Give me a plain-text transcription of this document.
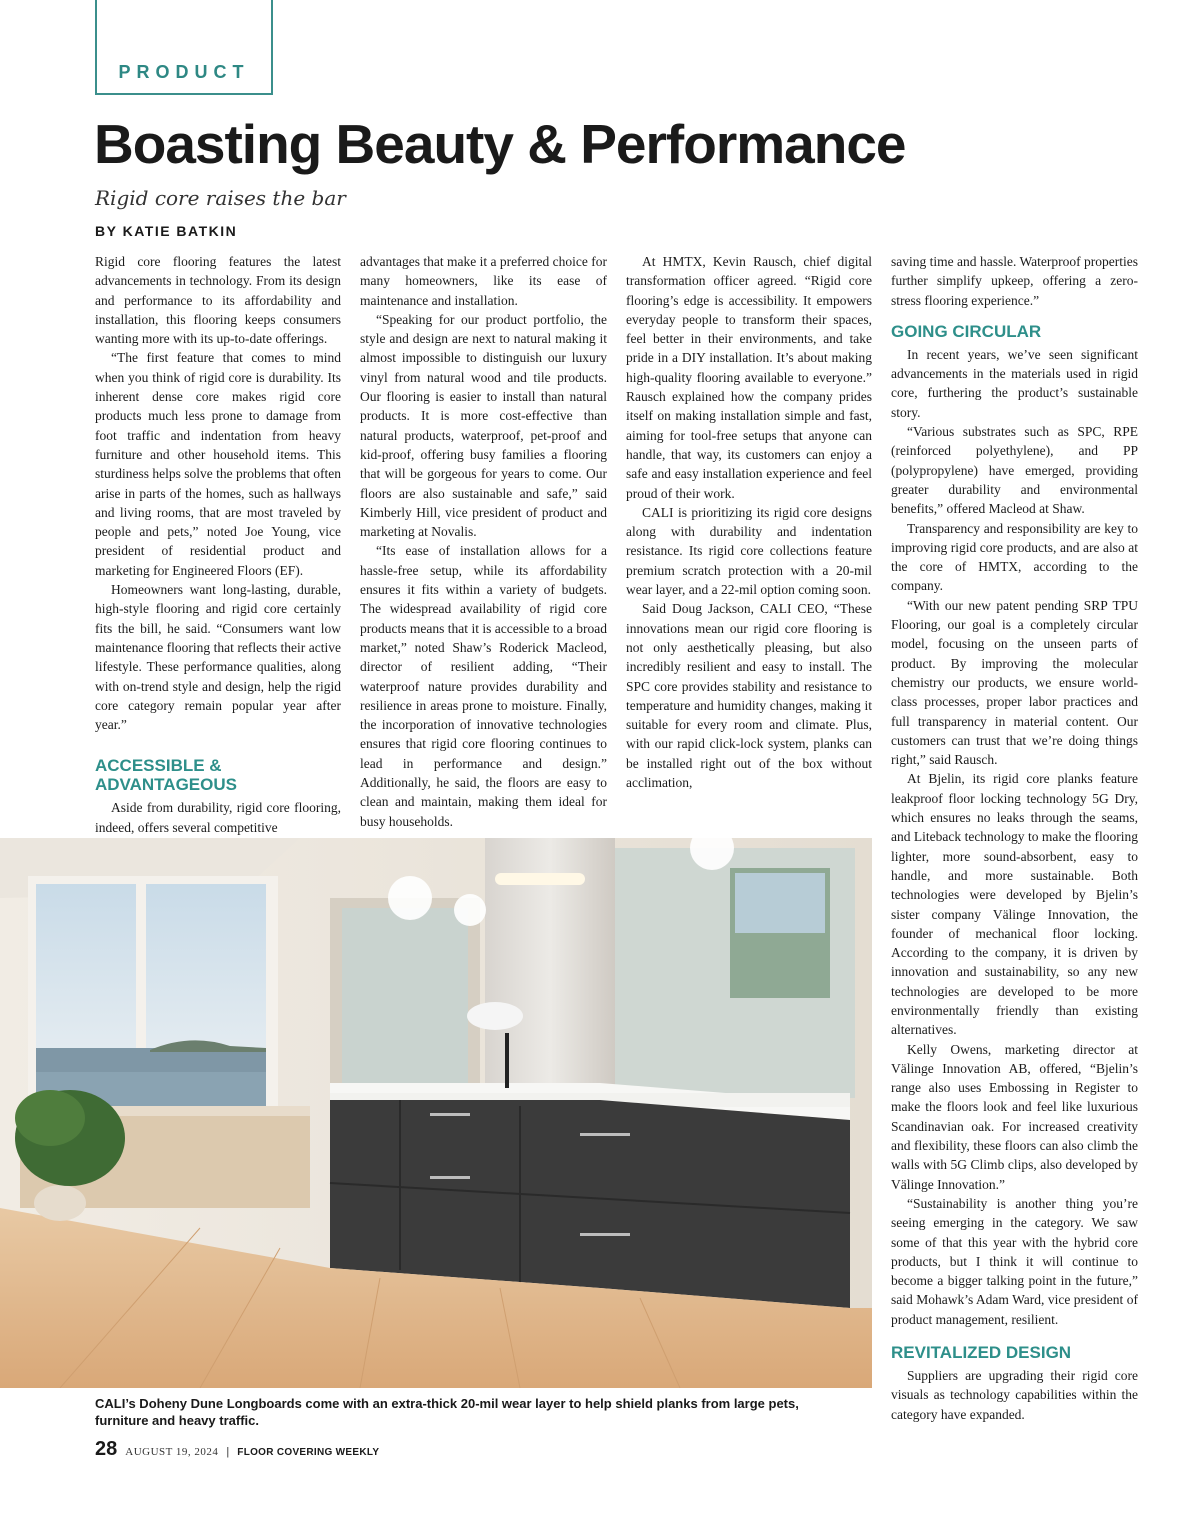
PRODUCT
Boasting Beauty & Performance
Rigid core raises the bar
BY KATIE BATKIN

Rigid core flooring features the latest advancements in technology. From its design and performance to its affordability and installation, this flooring keeps consumers wanting more with its up-to-date offerings.

“The first feature that comes to mind when you think of rigid core is durability. Its inherent dense core makes rigid core products much less prone to damage from foot traffic and indentation from heavy furniture and other household items. This sturdiness helps solve the problems that often arise in parts of the homes, such as hallways and living rooms, that are most traveled by people and pets,” noted Joe Young, vice president of residential product and marketing for Engineered Floors (EF).

Homeowners want long-lasting, durable, high-style flooring and rigid core certainly fits the bill, he said. “Consumers want low maintenance flooring that reflects their active lifestyle. These performance qualities, along with on-trend style and design, help the rigid core category remain popular year after year.”

ACCESSIBLE & ADVANTAGEOUS

Aside from durability, rigid core flooring, indeed, offers several competitive

advantages that make it a preferred choice for many homeowners, like its ease of maintenance and installation.

“Speaking for our product portfolio, the style and design are next to natural making it almost impossible to distinguish our luxury vinyl from natural wood and tile products. Our flooring is easier to install than natural products. It is more cost-effective than natural products, waterproof, pet-proof and kid-proof, offering busy families a flooring that will be gorgeous for years to come. Our floors are also sustainable and safe,” said Kimberly Hill, vice president of product and marketing at Novalis.

“Its ease of installation allows for a hassle-free setup, while its affordability ensures it fits within a variety of budgets. The widespread availability of rigid core products means that it is accessible to a broad market,” noted Shaw’s Roderick Macleod, director of resilient adding, “Their waterproof nature provides durability and resilience in areas prone to moisture. Finally, the incorporation of innovative technologies ensures that rigid core flooring continues to lead in performance and design.” Additionally, he said, the floors are easy to clean and maintain, making them ideal for busy households.

At HMTX, Kevin Rausch, chief digital transformation officer agreed. “Rigid core flooring’s edge is accessibility. It empowers everyday people to transform their spaces, feel better in their environments, and take pride in a DIY installation. It’s about making high-quality flooring available to everyone.” Rausch explained how the company prides itself on making installation simple and fast, aiming for tool-free setups that anyone can handle, that way, its customers can enjoy a safe and easy installation experience and feel proud of their work.

CALI is prioritizing its rigid core designs along with durability and indentation resistance. Its rigid core collections feature premium scratch protection with a 20-mil wear layer, and a 22-mil option coming soon.

Said Doug Jackson, CALI CEO, “These innovations mean our rigid core flooring is not only aesthetically pleasing, but also incredibly resilient and easy to install. The SPC core provides stability and resistance to temperature and humidity changes, making it suitable for every room and climate. Plus, with our rapid click-lock system, planks can be installed right out of the box without acclimation,

saving time and hassle. Waterproof properties further simplify upkeep, offering a zero-stress flooring experience.”

GOING CIRCULAR

In recent years, we’ve seen significant advancements in the materials used in rigid core, furthering the product’s sustainable story.

“Various substrates such as SPC, RPE (reinforced polyethylene), and PP (polypropylene) have emerged, providing greater durability and environmental benefits,” offered Macleod at Shaw.

Transparency and responsibility are key to improving rigid core products, and are also at the core of HMTX, according to the company.

“With our new patent pending SRP TPU Flooring, our goal is a completely circular model, focusing on the unseen parts of product. By improving the molecular chemistry our products, we ensure world-class processes, proper labor practices and full transparency in material content. Our customers can trust that we’re doing things right,” said Rausch.

At Bjelin, its rigid core planks feature leakproof floor locking technology 5G Dry, which ensures no leaks through the seams, and Liteback technology to make the flooring lighter, more sound-absorbent, easy to handle, and more sustainable. Both technologies were developed by Bjelin’s sister company Välinge Innovation, the founder of mechanical floor locking. According to the company, it is driven by innovation and sustainability, so any new technologies are developed to be more environmentally friendly than existing alternatives.

Kelly Owens, marketing director at Välinge Innovation AB, offered, “Bjelin’s range also uses Embossing in Register to make the floors look and feel like luxurious Scandinavian oak. For increased creativity and flexibility, these floors can also climb the walls with 5G Climb clips, also developed by Välinge Innovation.”

“Sustainability is another thing you’re seeing emerging in the category. We saw some of that this year with the hybrid core products, but I think it will continue to become a bigger talking point in the future,” said Mohawk’s Adam Ward, vice president of product management, resilient.

REVITALIZED DESIGN

Suppliers are upgrading their rigid core visuals as technology capabilities within the category have expanded.

CALI’s Doheny Dune Longboards come with an extra-thick 20-mil wear layer to help shield planks from large pets, furniture and heavy traffic.
28 AUGUST 19, 2024 | FLOOR COVERING WEEKLY
